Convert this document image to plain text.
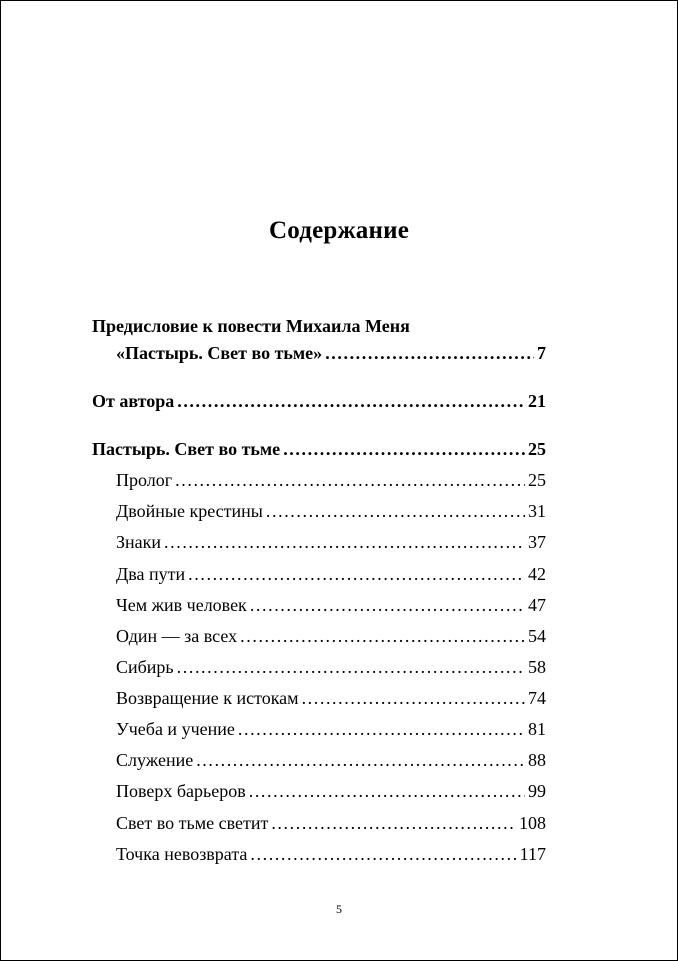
Содержание
Предисловие к повести Михаила Меня
«Пастырь. Свет во тьме» .....	7
От автора .....	21
Пастырь. Свет во тьме .....	25
Пролог .....	25
Двойные крестины .....	31
Знаки .....	37
Два пути .....	42
Чем жив человек .....	47
Один — за всех .....	54
Сибирь .....	58
Возвращение к истокам .....	74
Учеба и учение .....	81
Служение .....	88
Поверх барьеров .....	99
Свет во тьме светит .....	108
Точка невозврата .....	117
5
